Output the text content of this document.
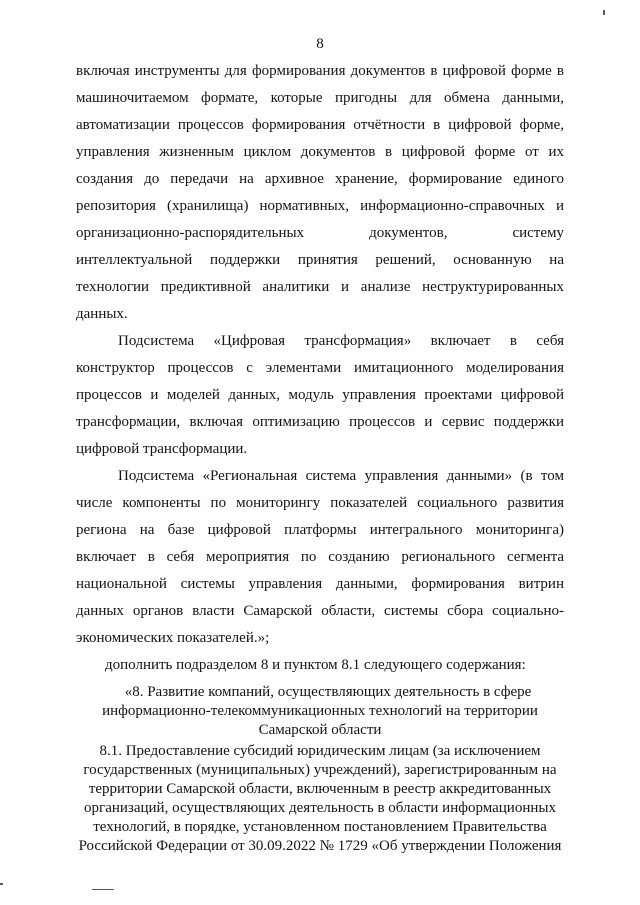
8

включая инструменты для формирования документов в цифровой форме в

машиночитаемом формате, которые пригодны для обмена данными,

автоматизации процессов формирования отчётности в цифровой форме,

управления жизненным циклом документов в цифровой форме от их

создания до передачи на архивное хранение, формирование единого

репозитория (хранилища) нормативных, информационно-справочных и

организационно-распорядительных документов, систему

интеллектуальной поддержки принятия решений, основанную на

технологии предиктивной аналитики и анализе неструктурированных

данных.

Подсистема «Цифровая трансформация» включает в себя

конструктор процессов с элементами имитационного моделирования

процессов и моделей данных, модуль управления проектами цифровой

трансформации, включая оптимизацию процессов и сервис поддержки

цифровой трансформации.

Подсистема «Региональная система управления данными» (в том

числе компоненты по мониторингу показателей социального развития

региона на базе цифровой платформы интегрального мониторинга)

включает в себя мероприятия по созданию регионального сегмента

национальной системы управления данными, формирования витрин

данных органов власти Самарской области, системы сбора социально-

экономических показателей.»;

дополнить подразделом 8 и пунктом 8.1 следующего содержания:

«8. Развитие компаний, осуществляющих деятельность в сфере

информационно-телекоммуникационных технологий на территории

Самарской области

8.1. Предоставление субсидий юридическим лицам (за исключением

государственных (муниципальных) учреждений), зарегистрированным на

территории Самарской области, включенным в реестр аккредитованных

организаций, осуществляющих деятельность в области информационных

технологий, в порядке, установленном постановлением Правительства

Российской Федерации от 30.09.2022 № 1729 «Об утверждении Положения
